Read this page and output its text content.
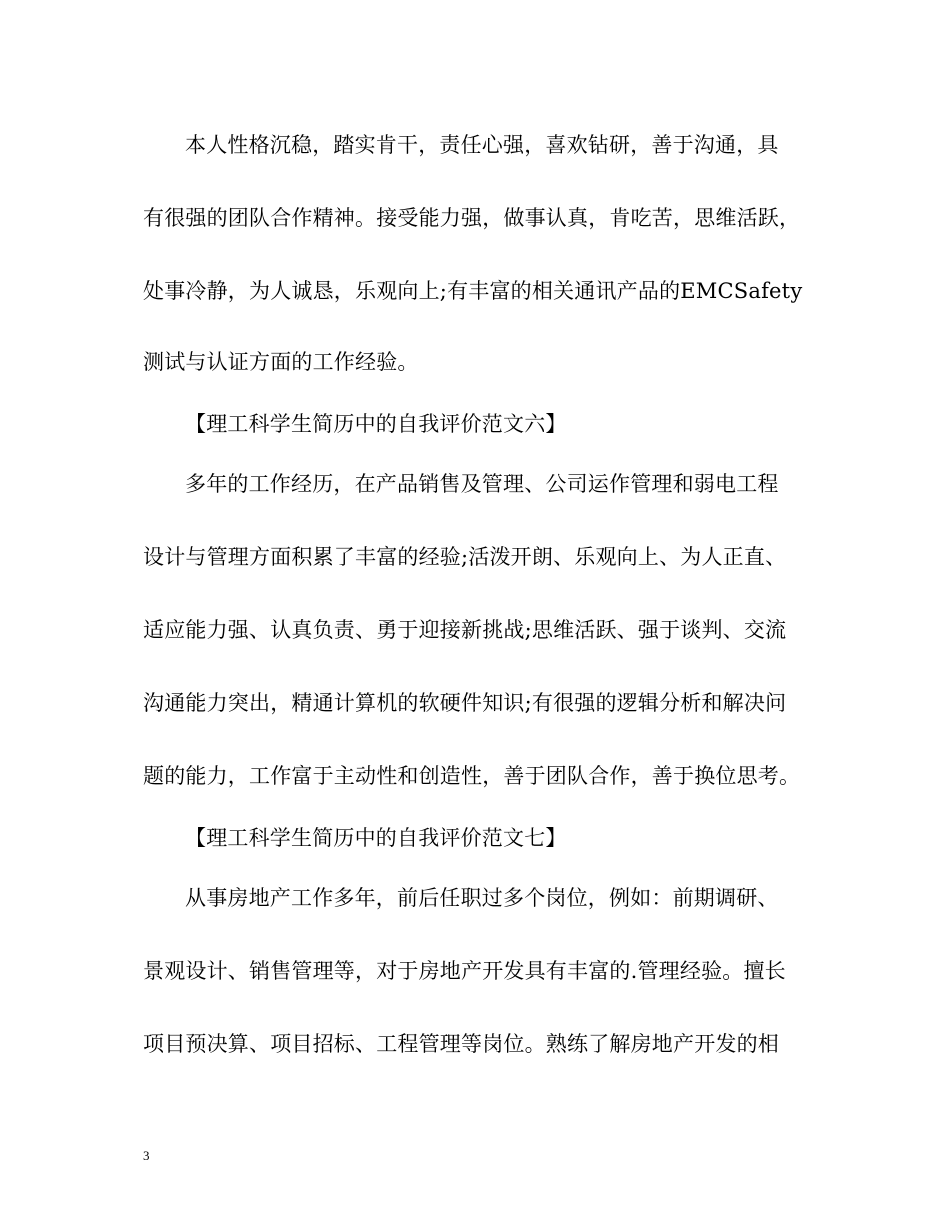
本人性格沉稳，踏实肯干，责任心强，喜欢钻研，善于沟通，具
有很强的团队合作精神。接受能力强，做事认真，肯吃苦，思维活跃，
处事冷静，为人诚恳，乐观向上;有丰富的相关通讯产品的EMCSafety
测试与认证方面的工作经验。
【理工科学生简历中的自我评价范文六】
多年的工作经历，在产品销售及管理、公司运作管理和弱电工程
设计与管理方面积累了丰富的经验;活泼开朗、乐观向上、为人正直、
适应能力强、认真负责、勇于迎接新挑战;思维活跃、强于谈判、交流
沟通能力突出，精通计算机的软硬件知识;有很强的逻辑分析和解决问
题的能力，工作富于主动性和创造性，善于团队合作，善于换位思考。
【理工科学生简历中的自我评价范文七】
从事房地产工作多年，前后任职过多个岗位，例如：前期调研、
景观设计、销售管理等，对于房地产开发具有丰富的.管理经验。擅长
项目预决算、项目招标、工程管理等岗位。熟练了解房地产开发的相
3
